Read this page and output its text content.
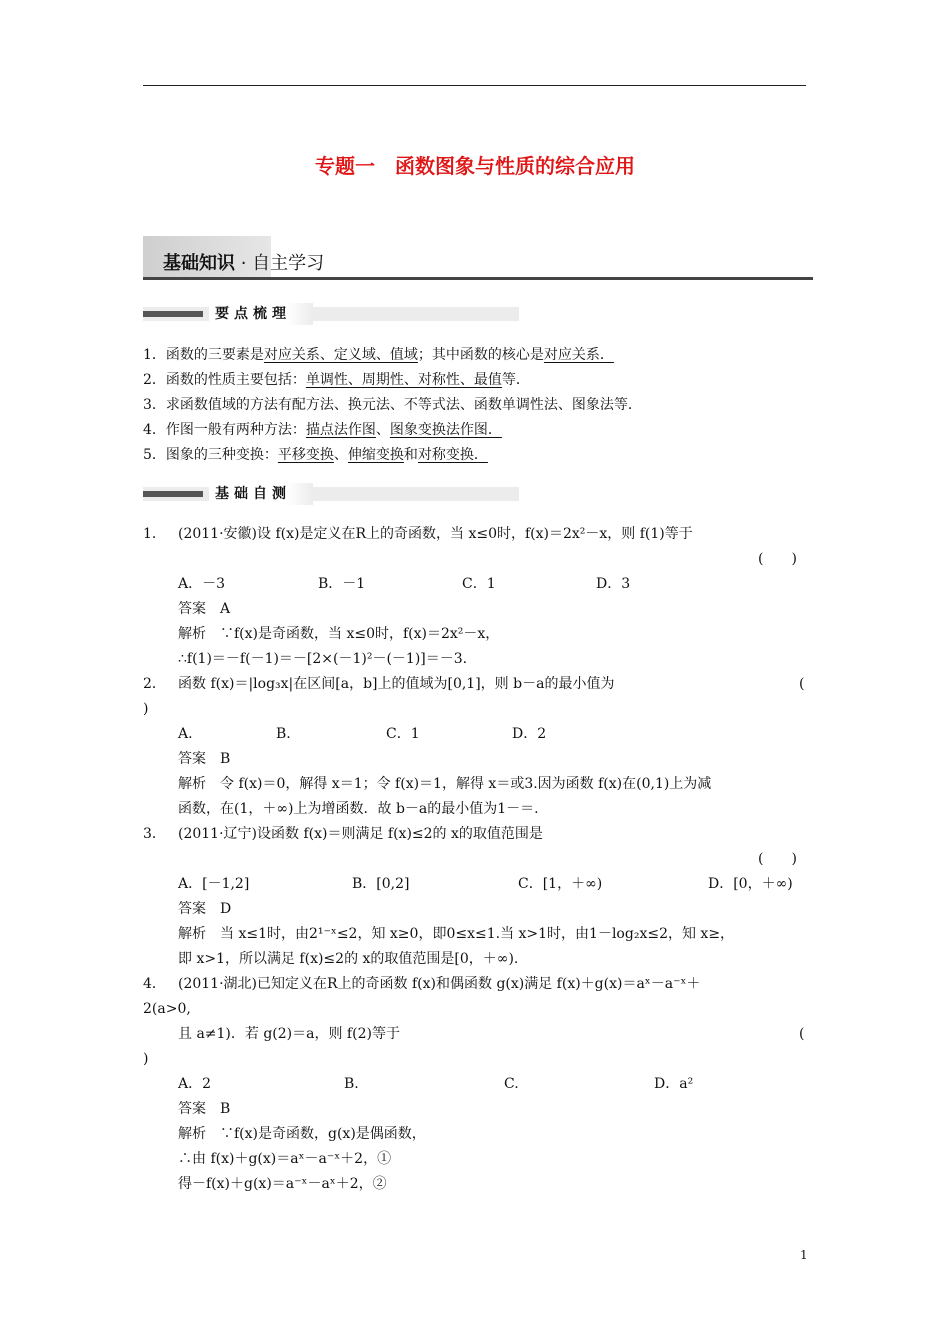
专题一　函数图象与性质的综合应用
基础知识 · 自主学习
要点梳理
1．函数的三要素是对应关系、定义域、值域；其中函数的核心是对应关系．
2．函数的性质主要包括：单调性、周期性、对称性、最值等．
3．求函数值域的方法有配方法、换元法、不等式法、函数单调性法、图象法等．
4．作图一般有两种方法：描点法作图、图象变换法作图．
5．图象的三种变换：平移变换、伸缩变换和对称变换．
基础自测
1． (2011·安徽)设 f(x)是定义在R上的奇函数，当 x≤0时，f(x)＝2x²－x，则 f(1)等于
(　　)
A．－3	B．－1	C．1	D．3
答案　A
解析　∵f(x)是奇函数，当 x≤0时，f(x)＝2x²－x，
∴f(1)＝－f(－1)＝－[2×(－1)²－(－1)]＝－3.
2． 函数 f(x)＝|log₃x|在区间[a，b]上的值域为[0,1]，则 b－a的最小值为	(
)
A.	B.	C．1	D．2
答案　B
解析　令 f(x)＝0，解得 x＝1；令 f(x)＝1，解得 x＝或3.因为函数 f(x)在(0,1)上为减
函数，在(1，＋∞)上为增函数．故 b－a的最小值为1－＝.
3． (2011·辽宁)设函数 f(x)＝则满足 f(x)≤2的 x的取值范围是
(　　)
A．[－1,2]	B．[0,2]	C．[1，＋∞)	D．[0，＋∞)
答案　D
解析　当 x≤1时，由2¹⁻ˣ≤2，知 x≥0，即0≤x≤1.当 x>1时，由1－log₂x≤2，知 x≥，
即 x>1，所以满足 f(x)≤2的 x的取值范围是[0，＋∞).
4． (2011·湖北)已知定义在R上的奇函数 f(x)和偶函数 g(x)满足 f(x)＋g(x)＝aˣ－a⁻ˣ＋
2(a>0,
且 a≠1)．若 g(2)＝a，则 f(2)等于	(
)
A．2	B.	C.	D．a²
答案　B
解析　∵f(x)是奇函数，g(x)是偶函数，
∴由 f(x)＋g(x)＝aˣ－a⁻ˣ＋2，①
得－f(x)＋g(x)＝a⁻ˣ－aˣ＋2，②
1
